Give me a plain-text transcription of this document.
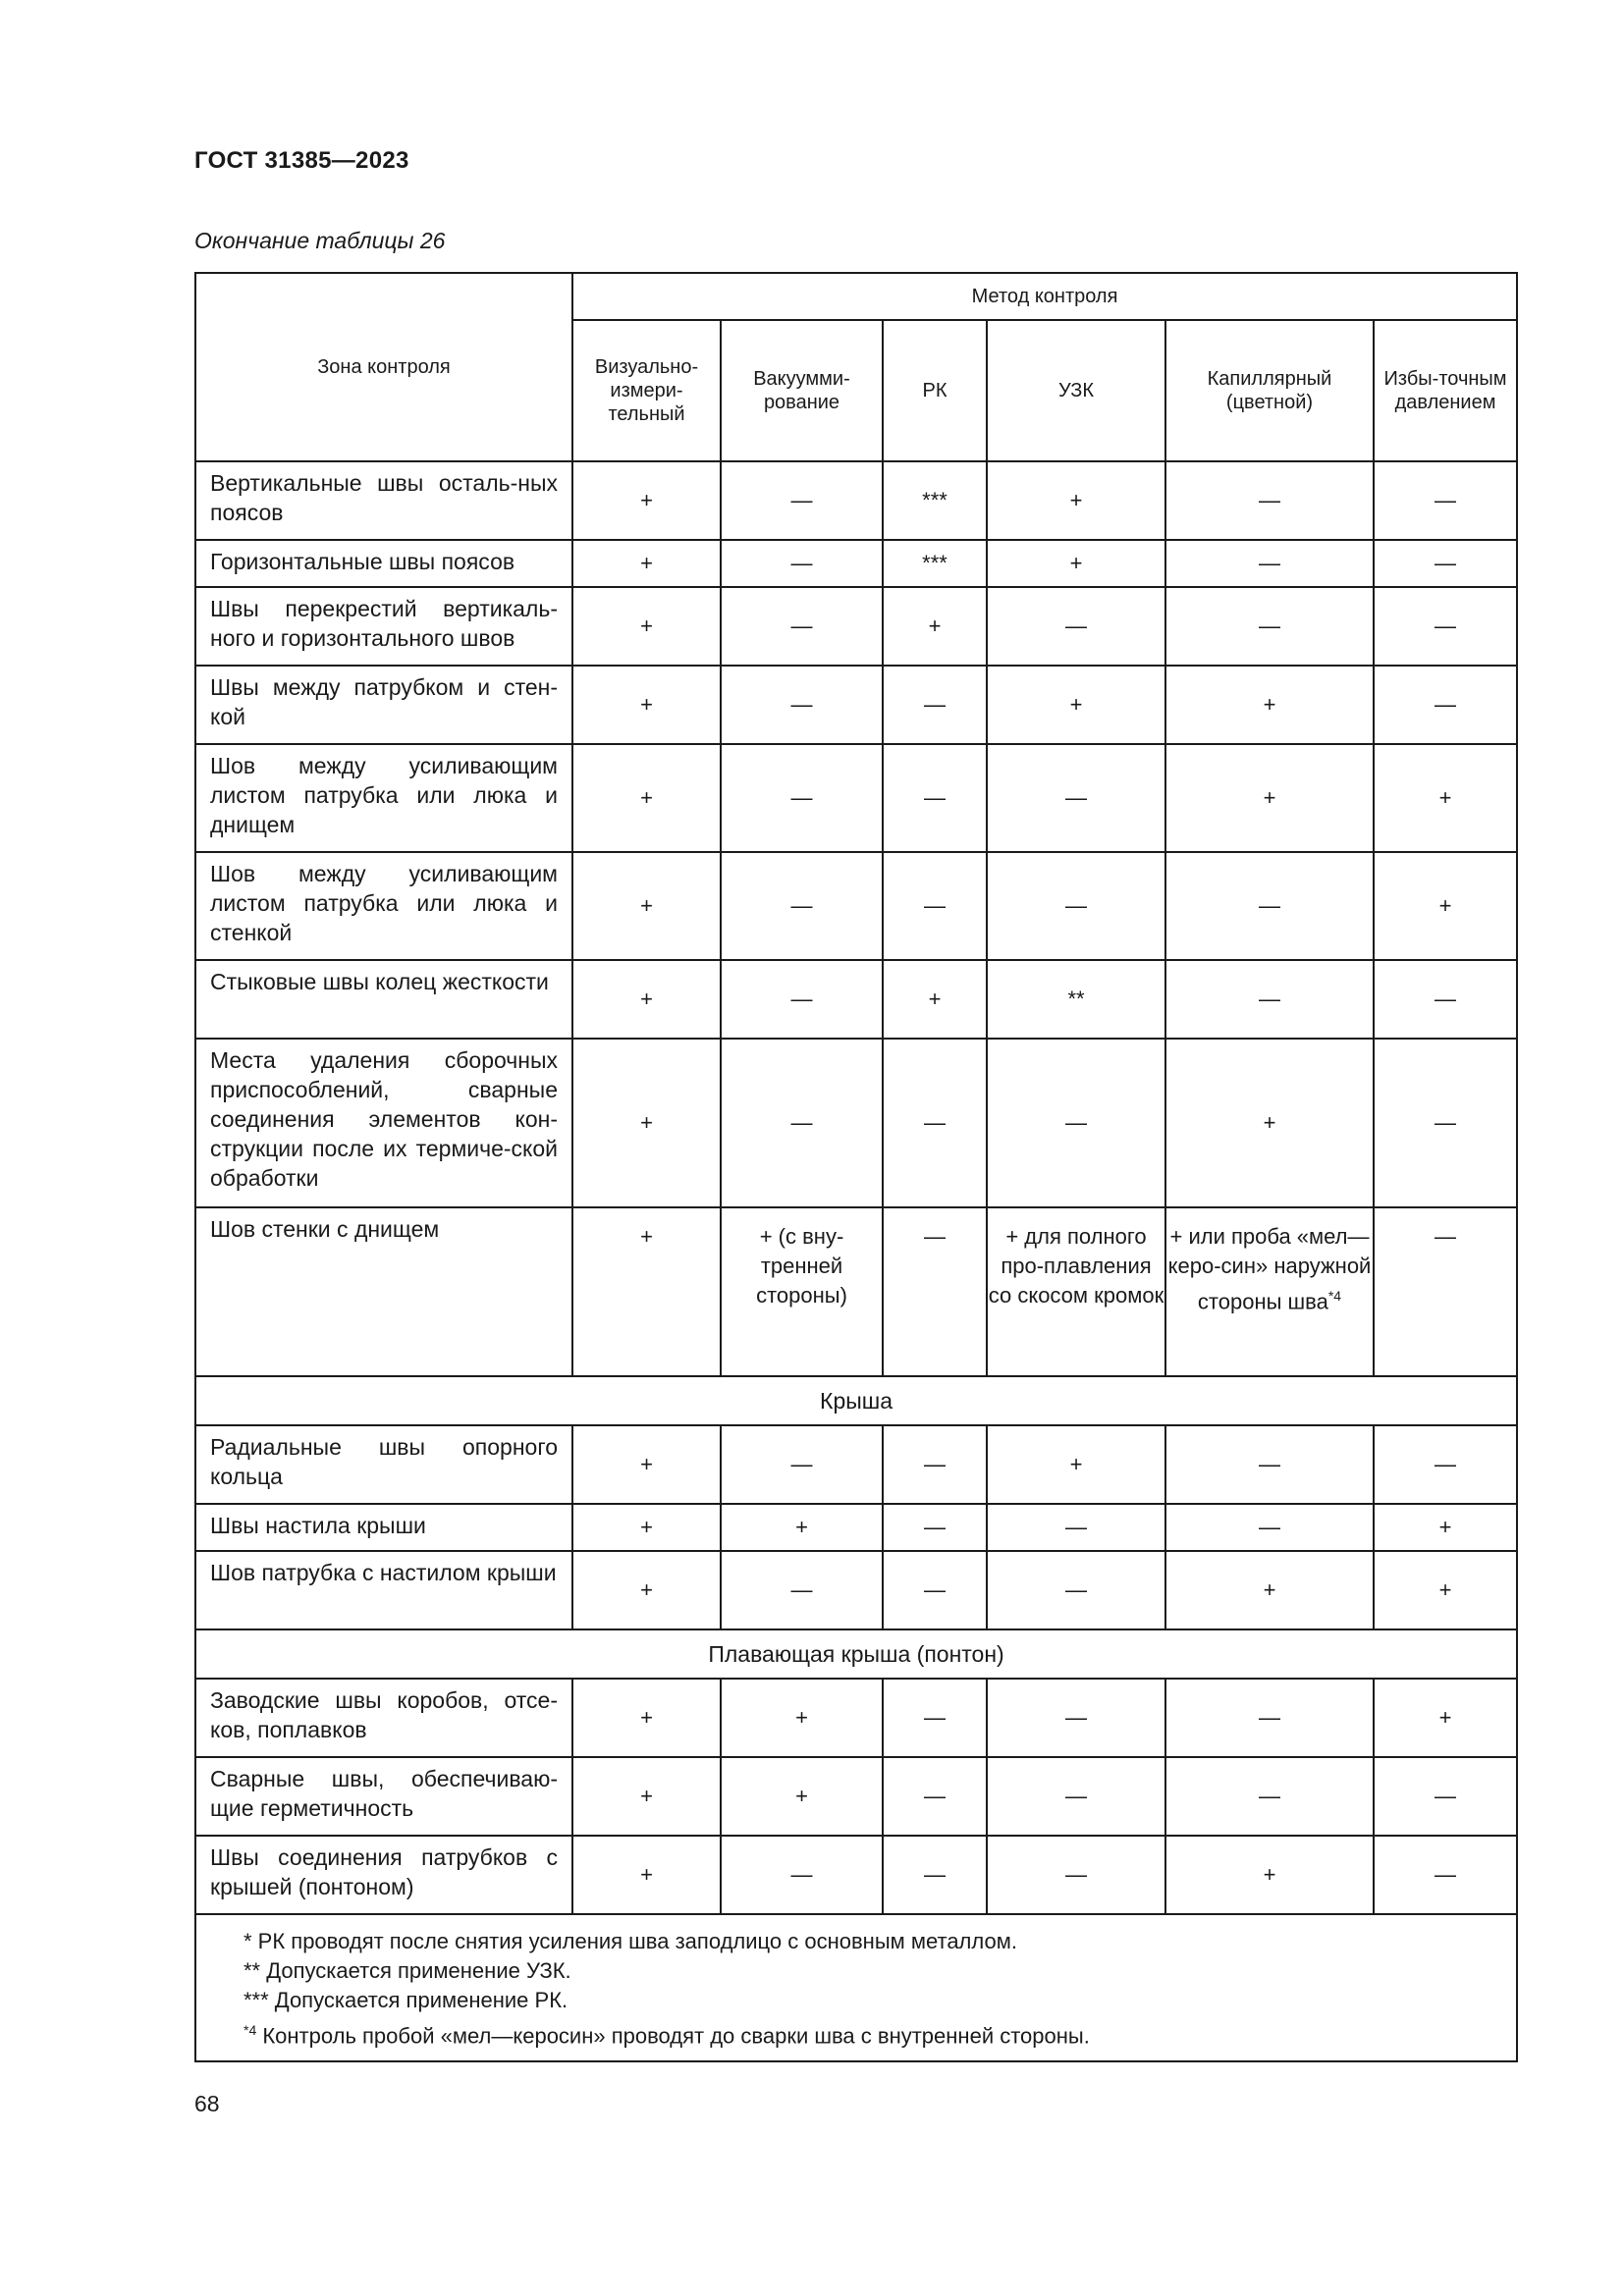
ГОСТ 31385—2023
Окончание таблицы 26
Зона контроля	Метод контроля					
	Визуально-измери-тельный	Вакуумми-рование	РК	УЗК	Капиллярный (цветной)	Избы-точным давлением
Вертикальные швы осталь-ных поясов	+	—	***	+	—	—
Горизонтальные швы поясов	+	—	***	+	—	—
Швы перекрестий вертикаль-ного и горизонтального швов	+	—	+	—	—	—
Швы между патрубком и стен-кой	+	—	—	+	+	—
Шов между усиливающим листом патрубка или люка и днищем	+	—	—	—	+	+
Шов между усиливающим листом патрубка или люка и стенкой	+	—	—	—	—	+
Стыковые швы колец жесткости	+	—	+	**	—	—
Места удаления сборочных приспособлений, сварные соединения элементов кон-струкции после их термиче-ской обработки	+	—	—	—	+	—
Шов стенки с днищем	+	+ (с вну-тренней стороны)	—	+ для полного про-плавления со скосом кромок	+ или проба «мел—керо-син» наружной стороны шва$^{*4}$	—
Крыша						
Радиальные швы опорного кольца	+	—	—	+	—	—
Швы настила крыши	+	+	—	—	—	+
Шов патрубка с настилом крыши	+	—	—	—	+	+
Плавающая крыша (понтон)						
Заводские швы коробов, отсе-ков, поплавков	+	+	—	—	—	+
Сварные швы, обеспечиваю-щие герметичность	+	+	—	—	—	—
Швы соединения патрубков с крышей (понтоном)	+	—	—	—	+	—

* РК проводят после снятия усиления шва заподлицо с основным металлом.
** Допускается применение УЗК.
*** Допускается применение РК.
$^{*4}$ Контроль пробой «мел—керосин» проводят до сварки шва с внутренней стороны.						
68
